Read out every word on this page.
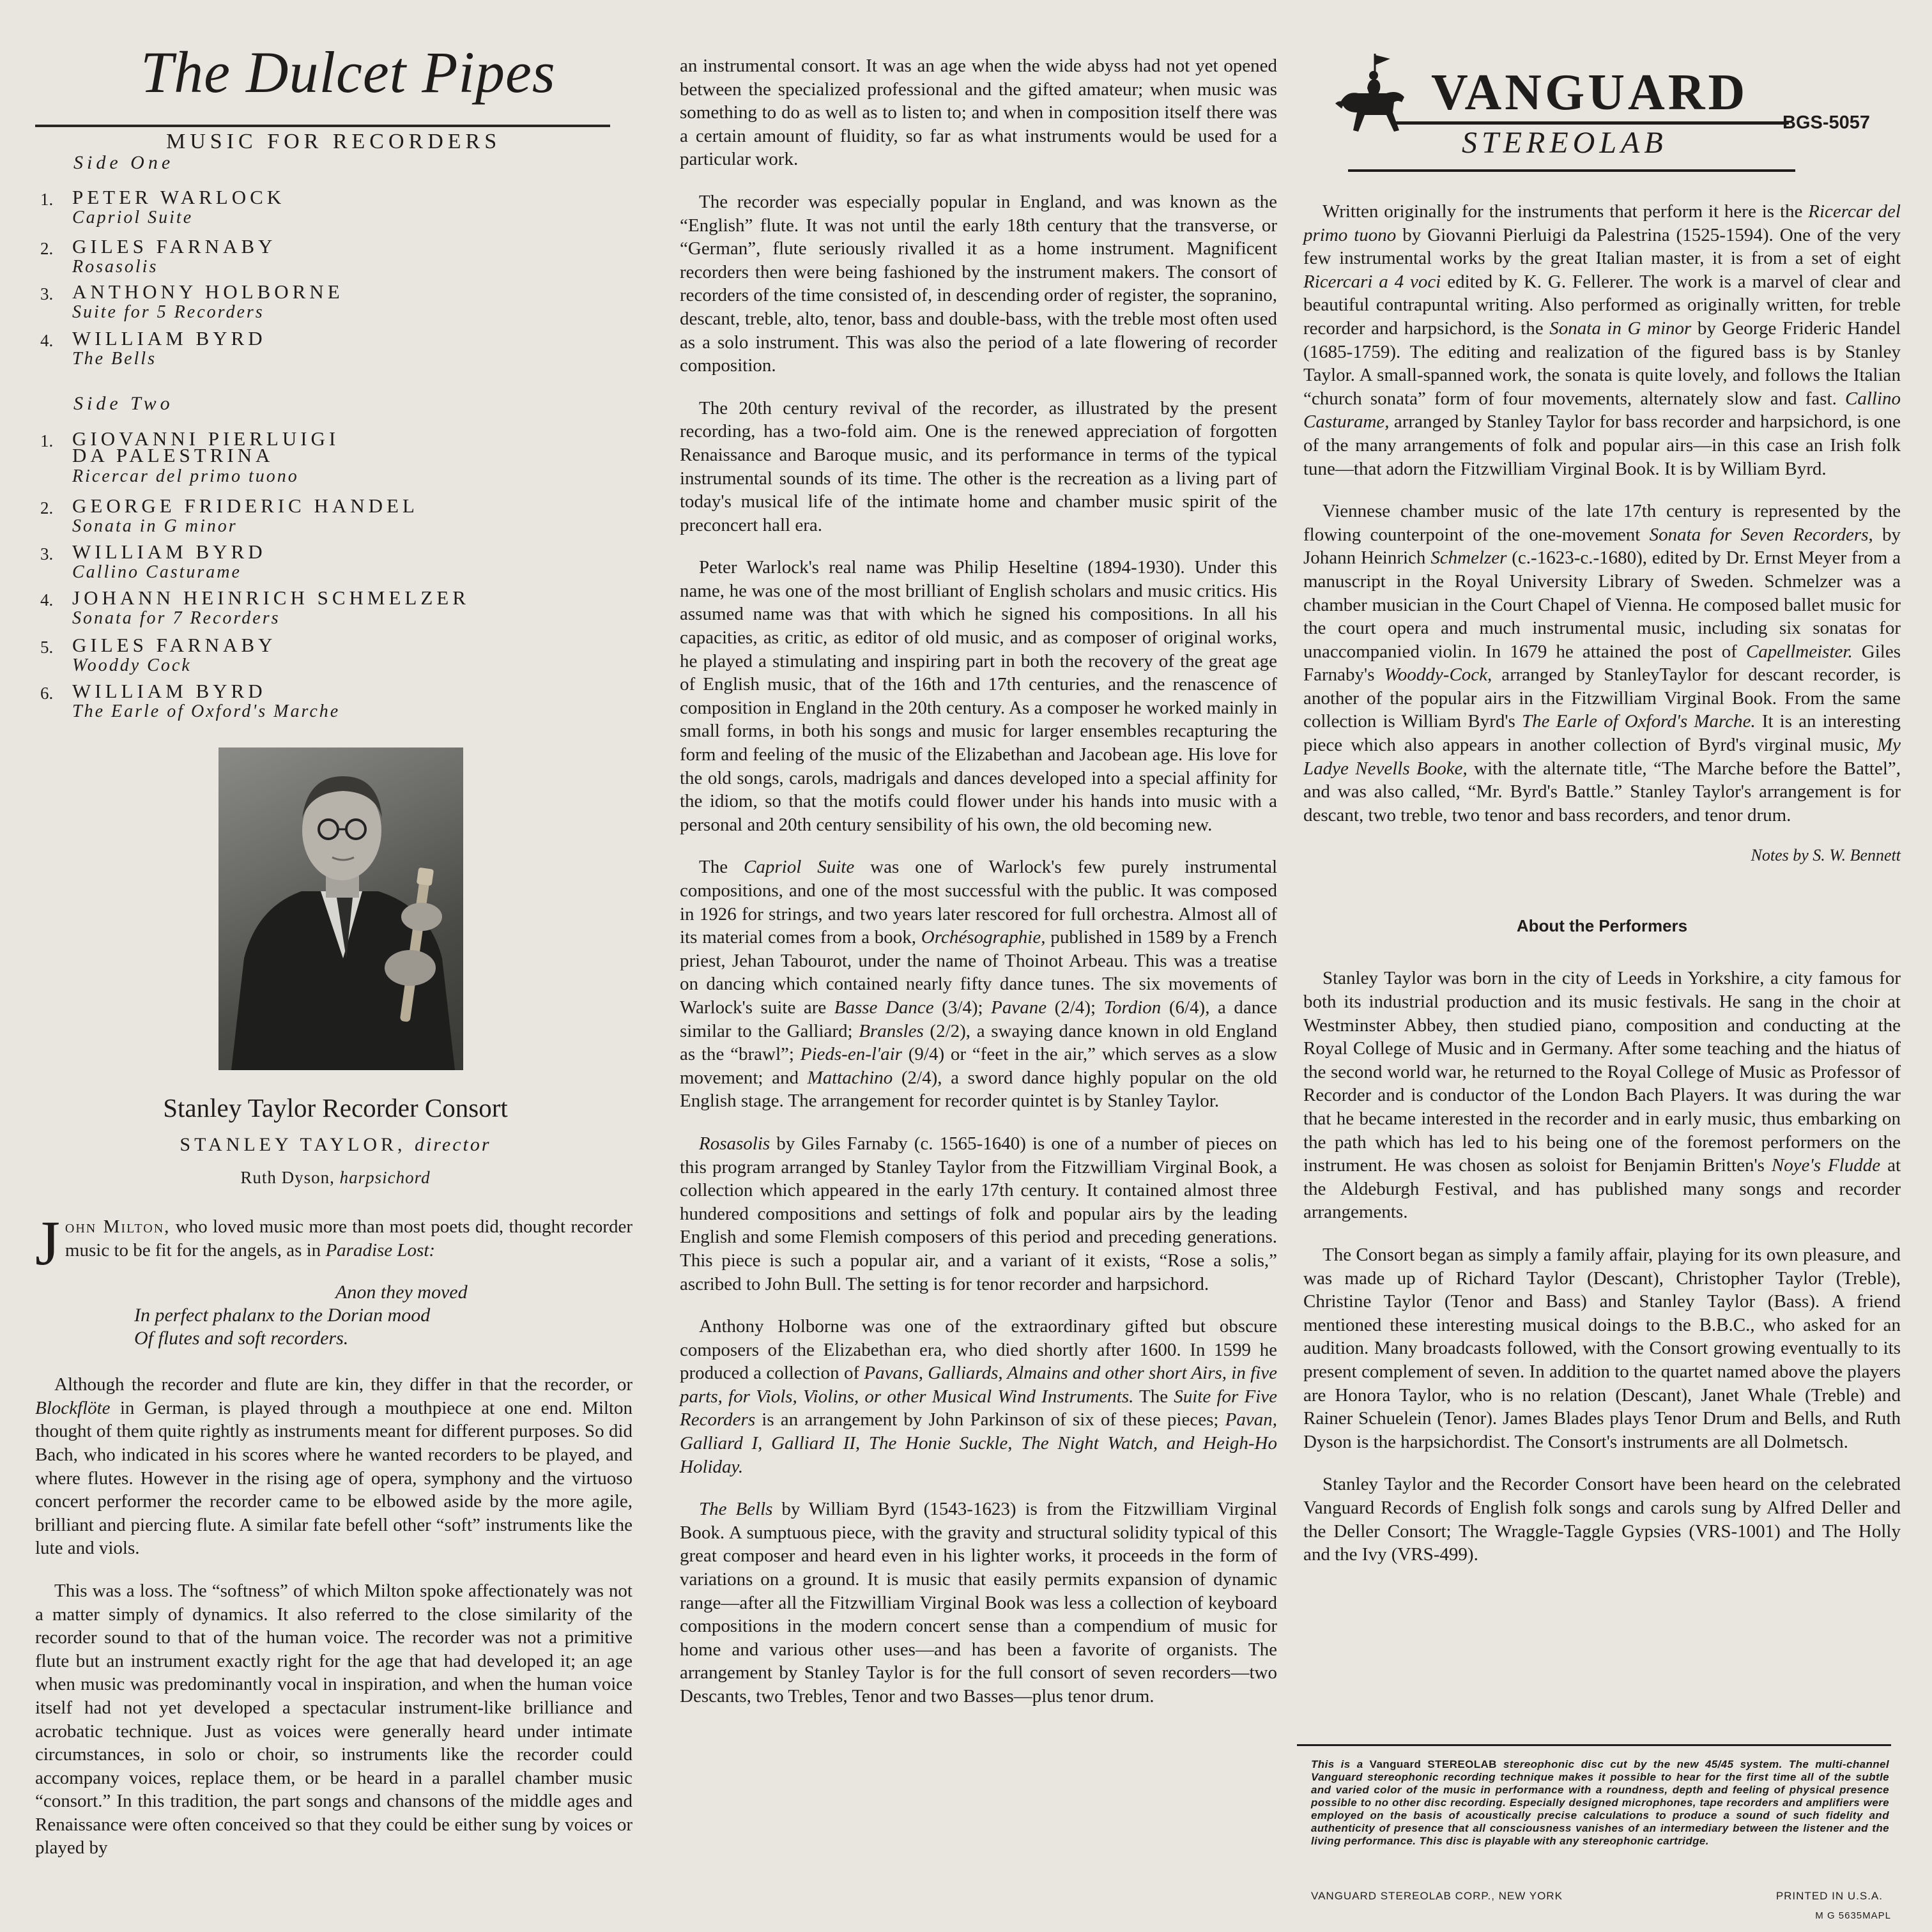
The Dulcet Pipes
MUSIC FOR RECORDERS
Side One
1. PETER WARLOCK
Capriol Suite
2. GILES FARNABY
Rosasolis
3. ANTHONY HOLBORNE
Suite for 5 Recorders
4. WILLIAM BYRD
The Bells
Side Two
1. GIOVANNI PIERLUIGI
DA PALESTRINA
Ricercar del primo tuono
2. GEORGE FRIDERIC HANDEL
Sonata in G minor
3. WILLIAM BYRD
Callino Casturame
4. JOHANN HEINRICH SCHMELZER
Sonata for 7 Recorders
5. GILES FARNABY
Wooddy Cock
6. WILLIAM BYRD
The Earle of Oxford's Marche
Stanley Taylor Recorder Consort
STANLEY TAYLOR, director
Ruth Dyson, harpsichord

John Milton, who loved music more than most poets did, thought recorder music to be fit for the angels, as in Paradise Lost:

Anon they moved
In perfect phalanx to the Dorian mood
Of flutes and soft recorders.

Although the recorder and flute are kin, they differ in that the recorder, or Blockflöte in German, is played through a mouthpiece at one end. Milton thought of them quite rightly as instruments meant for different purposes. So did Bach, who indicated in his scores where he wanted recorders to be played, and where flutes. However in the rising age of opera, symphony and the virtuoso concert performer the recorder came to be elbowed aside by the more agile, brilliant and piercing flute. A similar fate befell other “soft” instruments like the lute and viols.

This was a loss. The “softness” of which Milton spoke affectionately was not a matter simply of dynamics. It also referred to the close similarity of the recorder sound to that of the human voice. The recorder was not a primitive flute but an instrument exactly right for the age that had developed it; an age when music was predominantly vocal in inspiration, and when the human voice itself had not yet developed a spectacular instrument-like brilliance and acrobatic technique. Just as voices were generally heard under intimate circumstances, in solo or choir, so instruments like the recorder could accompany voices, replace them, or be heard in a parallel chamber music “consort.” In this tradition, the part songs and chansons of the middle ages and Renaissance were often conceived so that they could be either sung by voices or played by

an instrumental consort. It was an age when the wide abyss had not yet opened between the specialized professional and the gifted amateur; when music was something to do as well as to listen to; and when in composition itself there was a certain amount of fluidity, so far as what instruments would be used for a particular work.

The recorder was especially popular in England, and was known as the “English” flute. It was not until the early 18th century that the transverse, or “German”, flute seriously rivalled it as a home instrument. Magnificent recorders then were being fashioned by the instrument makers. The consort of recorders of the time consisted of, in descending order of register, the sopranino, descant, treble, alto, tenor, bass and double-bass, with the treble most often used as a solo instrument. This was also the period of a late flowering of recorder composition.

The 20th century revival of the recorder, as illustrated by the present recording, has a two-fold aim. One is the renewed appreciation of forgotten Renaissance and Baroque music, and its performance in terms of the typical instrumental sounds of its time. The other is the recreation as a living part of today's musical life of the intimate home and chamber music spirit of the preconcert hall era.

Peter Warlock's real name was Philip Heseltine (1894-1930). Under this name, he was one of the most brilliant of English scholars and music critics. His assumed name was that with which he signed his compositions. In all his capacities, as critic, as editor of old music, and as composer of original works, he played a stimulating and inspiring part in both the recovery of the great age of English music, that of the 16th and 17th centuries, and the renascence of composition in England in the 20th century. As a composer he worked mainly in small forms, in both his songs and music for larger ensembles recapturing the form and feeling of the music of the Elizabethan and Jacobean age. His love for the old songs, carols, madrigals and dances developed into a special affinity for the idiom, so that the motifs could flower under his hands into music with a personal and 20th century sensibility of his own, the old becoming new.

The Capriol Suite was one of Warlock's few purely instrumental compositions, and one of the most successful with the public. It was composed in 1926 for strings, and two years later rescored for full orchestra. Almost all of its material comes from a book, Orchésographie, published in 1589 by a French priest, Jehan Tabourot, under the name of Thoinot Arbeau. This was a treatise on dancing which contained nearly fifty dance tunes. The six movements of Warlock's suite are Basse Dance (3/4); Pavane (2/4); Tordion (6/4), a dance similar to the Galliard; Bransles (2/2), a swaying dance known in old England as the “brawl”; Pieds-en-l'air (9/4) or “feet in the air,” which serves as a slow movement; and Mattachino (2/4), a sword dance highly popular on the old English stage. The arrangement for recorder quintet is by Stanley Taylor.

Rosasolis by Giles Farnaby (c. 1565-1640) is one of a number of pieces on this program arranged by Stanley Taylor from the Fitzwilliam Virginal Book, a collection which appeared in the early 17th century. It contained almost three hundered compositions and settings of folk and popular airs by the leading English and some Flemish composers of this period and preceding generations. This piece is such a popular air, and a variant of it exists, “Rose a solis,” ascribed to John Bull. The setting is for tenor recorder and harpsichord.

Anthony Holborne was one of the extraordinary gifted but obscure composers of the Elizabethan era, who died shortly after 1600. In 1599 he produced a collection of Pavans, Galliards, Almains and other short Airs, in five parts, for Viols, Violins, or other Musical Wind Instruments. The Suite for Five Recorders is an arrangement by John Parkinson of six of these pieces; Pavan, Galliard I, Galliard II, The Honie Suckle, The Night Watch, and Heigh-Ho Holiday.

The Bells by William Byrd (1543-1623) is from the Fitzwilliam Virginal Book. A sumptuous piece, with the gravity and structural solidity typical of this great composer and heard even in his lighter works, it proceeds in the form of variations on a ground. It is music that easily permits expansion of dynamic range—after all the Fitzwilliam Virginal Book was less a collection of keyboard compositions in the modern concert sense than a compendium of music for home and various other uses—and has been a favorite of organists. The arrangement by Stanley Taylor is for the full consort of seven recorders—two Descants, two Trebles, Tenor and two Basses—plus tenor drum.

VANGUARD
STEREOLAB
BGS-5057

Written originally for the instruments that perform it here is the Ricercar del primo tuono by Giovanni Pierluigi da Palestrina (1525-1594). One of the very few instrumental works by the great Italian master, it is from a set of eight Ricercari a 4 voci edited by K. G. Fellerer. The work is a marvel of clear and beautiful contrapuntal writing. Also performed as originally written, for treble recorder and harpsichord, is the Sonata in G minor by George Frideric Handel (1685-1759). The editing and realization of the figured bass is by Stanley Taylor. A small-spanned work, the sonata is quite lovely, and follows the Italian “church sonata” form of four movements, alternately slow and fast. Callino Casturame, arranged by Stanley Taylor for bass recorder and harpsichord, is one of the many arrangements of folk and popular airs—in this case an Irish folk tune—that adorn the Fitzwilliam Virginal Book. It is by William Byrd.

Viennese chamber music of the late 17th century is represented by the flowing counterpoint of the one-movement Sonata for Seven Recorders, by Johann Heinrich Schmelzer (c.-1623-c.-1680), edited by Dr. Ernst Meyer from a manuscript in the Royal University Library of Sweden. Schmelzer was a chamber musician in the Court Chapel of Vienna. He composed ballet music for the court opera and much instrumental music, including six sonatas for unaccompanied violin. In 1679 he attained the post of Capellmeister. Giles Farnaby's Wooddy-Cock, arranged by StanleyTaylor for descant recorder, is another of the popular airs in the Fitzwilliam Virginal Book. From the same collection is William Byrd's The Earle of Oxford's Marche. It is an interesting piece which also appears in another collection of Byrd's virginal music, My Ladye Nevells Booke, with the alternate title, “The Marche before the Battel”, and was also called, “Mr. Byrd's Battle.” Stanley Taylor's arrangement is for descant, two treble, two tenor and bass recorders, and tenor drum.

Notes by S. W. Bennett

About the Performers

Stanley Taylor was born in the city of Leeds in Yorkshire, a city famous for both its industrial production and its music festivals. He sang in the choir at Westminster Abbey, then studied piano, composition and conducting at the Royal College of Music and in Germany. After some teaching and the hiatus of the second world war, he returned to the Royal College of Music as Professor of Recorder and is conductor of the London Bach Players. It was during the war that he became interested in the recorder and in early music, thus embarking on the path which has led to his being one of the foremost performers on the instrument. He was chosen as soloist for Benjamin Britten's Noye's Fludde at the Aldeburgh Festival, and has published many songs and recorder arrangements.

The Consort began as simply a family affair, playing for its own pleasure, and was made up of Richard Taylor (Descant), Christopher Taylor (Treble), Christine Taylor (Tenor and Bass) and Stanley Taylor (Bass). A friend mentioned these interesting musical doings to the B.B.C., who asked for an audition. Many broadcasts followed, with the Consort growing eventually to its present complement of seven. In addition to the quartet named above the players are Honora Taylor, who is no relation (Descant), Janet Whale (Treble) and Rainer Schuelein (Tenor). James Blades plays Tenor Drum and Bells, and Ruth Dyson is the harpsichordist. The Consort's instruments are all Dolmetsch.

Stanley Taylor and the Recorder Consort have been heard on the celebrated Vanguard Records of English folk songs and carols sung by Alfred Deller and the Deller Consort; The Wraggle-Taggle Gypsies (VRS-1001) and The Holly and the Ivy (VRS-499).

This is a Vanguard STEREOLAB stereophonic disc cut by the new 45/45 system. The multi-channel Vanguard stereophonic recording technique makes it possible to hear for the first time all of the subtle and varied color of the music in performance with a roundness, depth and feeling of physical presence possible to no other disc recording. Especially designed microphones, tape recorders and amplifiers were employed on the basis of acoustically precise calculations to produce a sound of such fidelity and authenticity of presence that all consciousness vanishes of an intermediary between the listener and the living performance. This disc is playable with any stereophonic cartridge.

VANGUARD STEREOLAB CORP., NEW YORK	PRINTED IN U.S.A.
M G 5635MAPL
